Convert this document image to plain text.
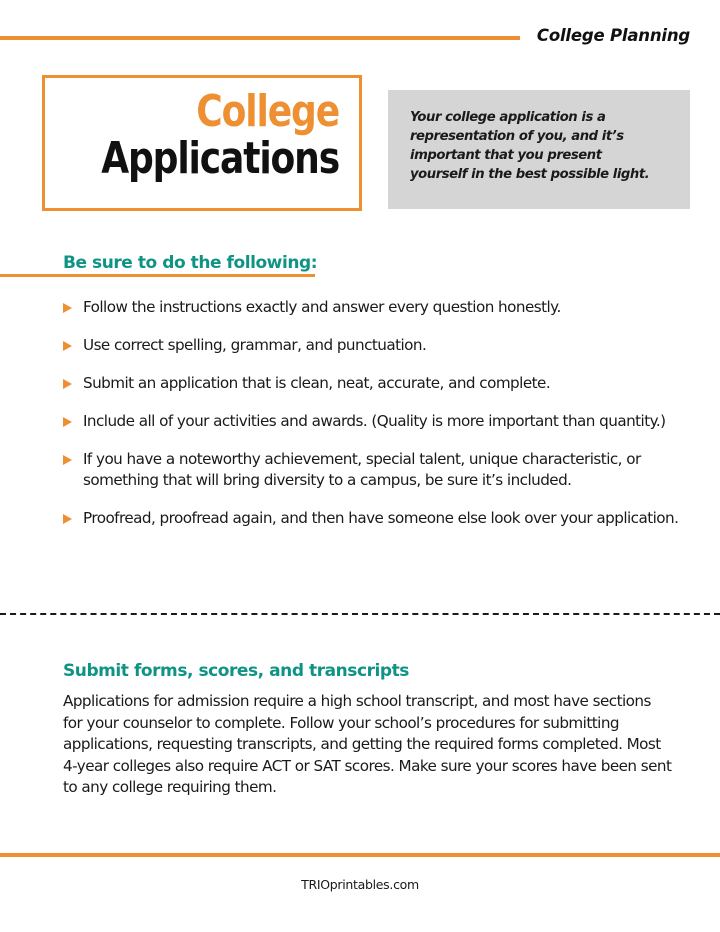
College Planning
College
Applications
Your college application is a representation of you, and it’s important that you present yourself in the best possible light.
Be sure to do the following:
Follow the instructions exactly and answer every question honestly.
Use correct spelling, grammar, and punctuation.
Submit an application that is clean, neat, accurate, and complete.
Include all of your activities and awards. (Quality is more important than quantity.)
If you have a noteworthy achievement, special talent, unique characteristic, or something that will bring diversity to a campus, be sure it’s included.
Proofread, proofread again, and then have someone else look over your application.
Submit forms, scores, and transcripts
Applications for admission require a high school transcript, and most have sections for your counselor to complete. Follow your school’s procedures for submitting applications, requesting transcripts, and getting the required forms completed. Most 4-year colleges also require ACT or SAT scores. Make sure your scores have been sent to any college requiring them.
TRIOprintables.com
